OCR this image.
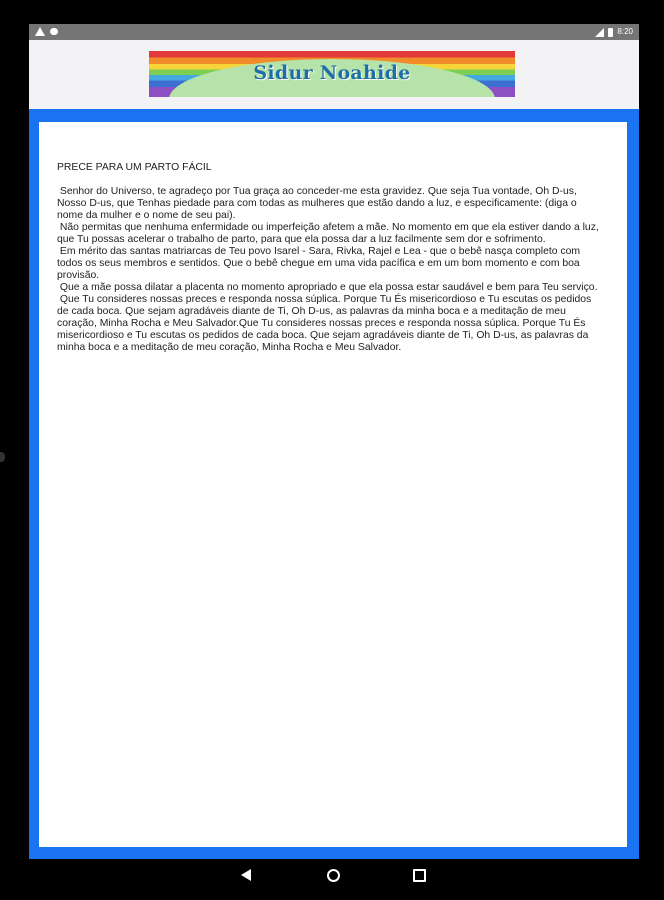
8:20
Sidur Noahide
PRECE PARA UM PARTO FÁCIL

Senhor do Universo, te agradeço por Tua graça ao conceder-me esta gravidez. Que seja Tua vontade, Oh D-us, Nosso D-us, que Tenhas piedade para com todas as mulheres que estão dando a luz, e especificamente: (diga o nome da mulher e o nome de seu pai).
Não permitas que nenhuma enfermidade ou imperfeição afetem a mãe. No momento em que ela estiver dando a luz, que Tu possas acelerar o trabalho de parto, para que ela possa dar a luz facilmente sem dor e sofrimento.
Em mérito das santas matriarcas de Teu povo Isarel - Sara, Rivka, Rajel e Lea - que o bebê nasça completo com todos os seus membros e sentidos. Que o bebê chegue em uma vida pacífica e em um bom momento e com boa provisão.
Que a mãe possa dilatar a placenta no momento apropriado e que ela possa estar saudável e bem para Teu serviço.
Que Tu consideres nossas preces e responda nossa súplica. Porque Tu És misericordioso e Tu escutas os pedidos de cada boca. Que sejam agradáveis diante de Ti, Oh D-us, as palavras da minha boca e a meditação de meu coração, Minha Rocha e Meu Salvador.Que Tu consideres nossas preces e responda nossa súplica. Porque Tu És misericordioso e Tu escutas os pedidos de cada boca. Que sejam agradáveis diante de Ti, Oh D-us, as palavras da minha boca e a meditação de meu coração, Minha Rocha e Meu Salvador.
